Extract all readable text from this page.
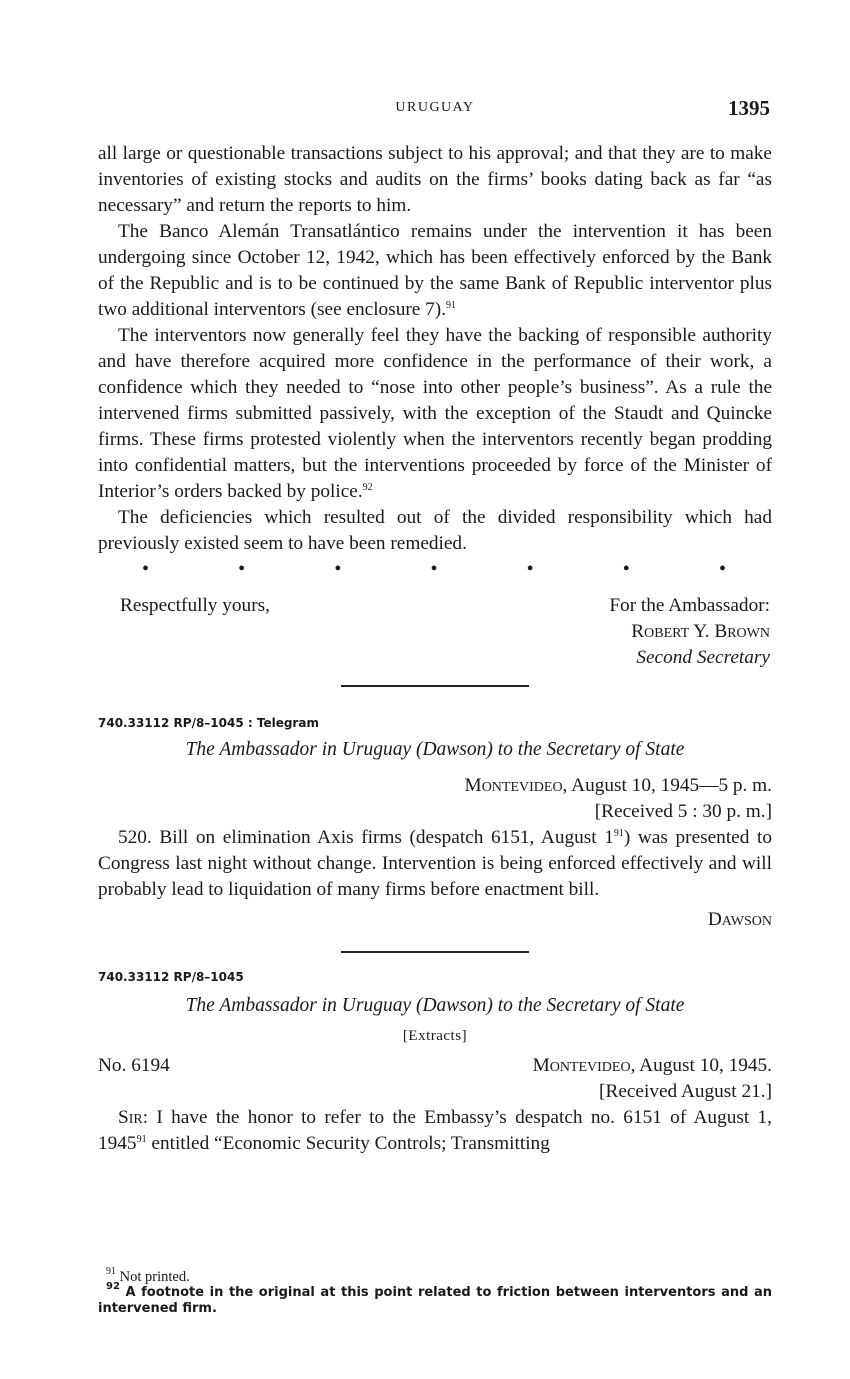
URUGUAY	1395

all large or questionable transactions subject to his approval; and that they are to make inventories of existing stocks and audits on the firms’ books dating back as far “as necessary” and return the reports to him.

The Banco Alemán Transatlántico remains under the intervention it has been undergoing since October 12, 1942, which has been effectively enforced by the Bank of the Republic and is to be continued by the same Bank of Republic interventor plus two additional interventors (see enclosure 7).$^{91}$

The interventors now generally feel they have the backing of responsible authority and have therefore acquired more confidence in the performance of their work, a confidence which they needed to “nose into other people’s business”. As a rule the intervened firms submitted passively, with the exception of the Staudt and Quincke firms. These firms protested violently when the interventors recently began prodding into confidential matters, but the interventions proceeded by force of the Minister of Interior’s orders backed by police.$^{92}$

The deficiencies which resulted out of the divided responsibility which had previously existed seem to have been remedied.

•	•	•	•	•	•	•
Respectfully yours,	For the Ambassador:
Robert Y. Brown
Second Secretary
740.33112 RP/8–1045 : Telegram
The Ambassador in Uruguay (Dawson) to the Secretary of State
Montevideo, August 10, 1945—5 p. m.
[Received 5 : 30 p. m.]

520. Bill on elimination Axis firms (despatch 6151, August $1^{91}$) was presented to Congress last night without change. Intervention is being enforced effectively and will probably lead to liquidation of many firms before enactment bill.

Dawson
740.33112 RP/8–1045
The Ambassador in Uruguay (Dawson) to the Secretary of State
[Extracts]
No. 6194	Montevideo, August 10, 1945.
[Received August 21.]

Sir: I have the honor to refer to the Embassy’s despatch no. 6151 of August 1, 1945$^{91}$ entitled “Economic Security Controls; Transmitting

$^{91}$ Not printed.

$^{92}$ A footnote in the original at this point related to friction between interventors and an intervened firm.
